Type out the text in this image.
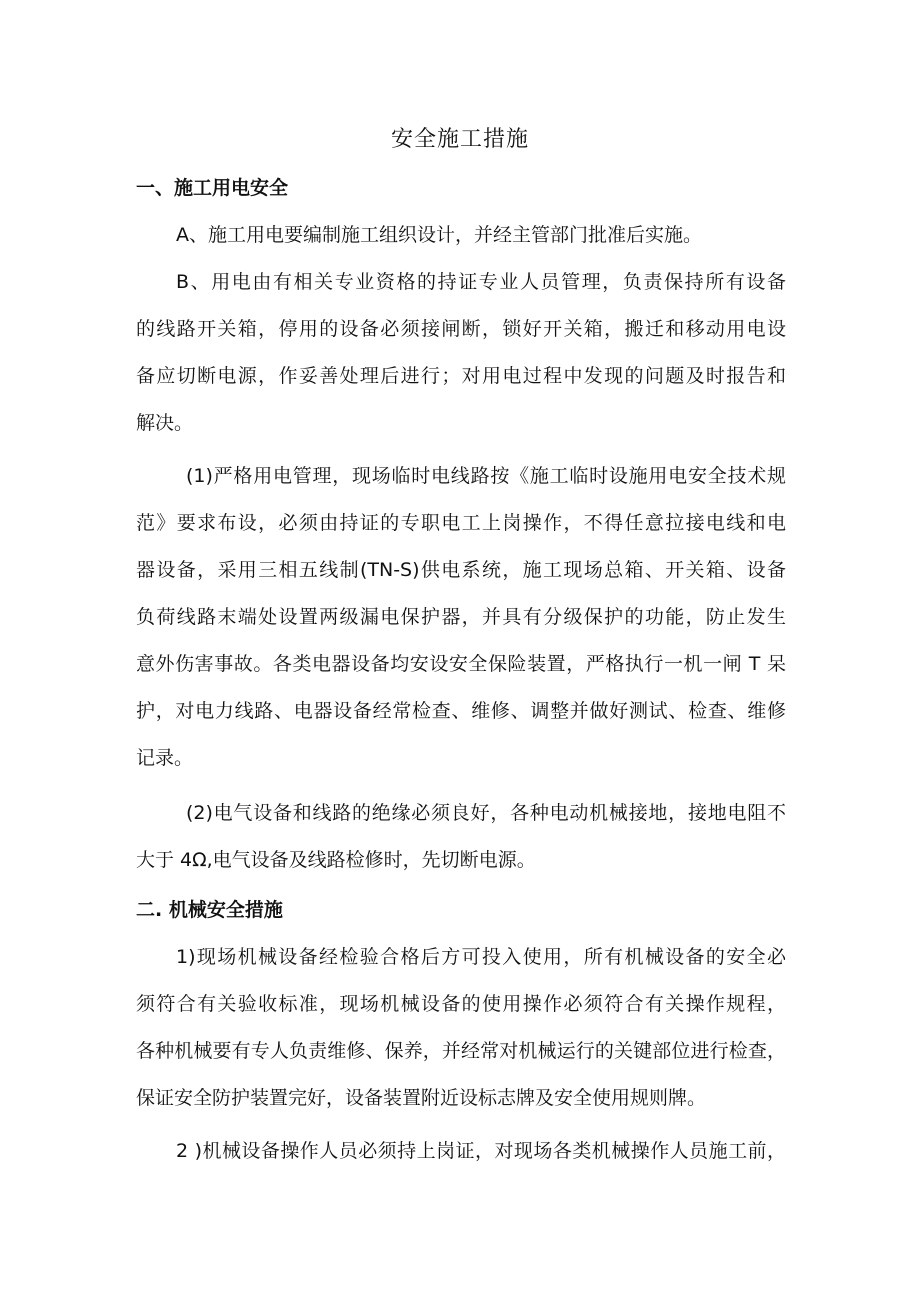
安全施工措施
一、施工用电安全
A、施工用电要编制施工组织设计，并经主管部门批准后实施。
B、用电由有相关专业资格的持证专业人员管理，负责保持所有设备
的线路开关箱，停用的设备必须接闸断，锁好开关箱，搬迁和移动用电设
备应切断电源，作妥善处理后进行；对用电过程中发现的问题及时报告和
解决。
(1)严格用电管理，现场临时电线路按《施工临时设施用电安全技术规
范》要求布设，必须由持证的专职电工上岗操作，不得任意拉接电线和电
器设备，采用三相五线制(TN-S)供电系统，施工现场总箱、开关箱、设备
负荷线路末端处设置两级漏电保护器，并具有分级保护的功能，防止发生
意外伤害事故。各类电器设备均安设安全保险装置，严格执行一机一闸 T 呆
护，对电力线路、电器设备经常检查、维修、调整并做好测试、检查、维修
记录。
(2)电气设备和线路的绝缘必须良好，各种电动机械接地，接地电阻不
大于 4Ω,电气设备及线路检修时，先切断电源。
二. 机械安全措施
1)现场机械设备经检验合格后方可投入使用，所有机械设备的安全必
须符合有关验收标准，现场机械设备的使用操作必须符合有关操作规程，
各种机械要有专人负责维修、保养，并经常对机械运行的关键部位进行检查，
保证安全防护装置完好，设备装置附近设标志牌及安全使用规则牌。
2 )机械设备操作人员必须持上岗证，对现场各类机械操作人员施工前，
